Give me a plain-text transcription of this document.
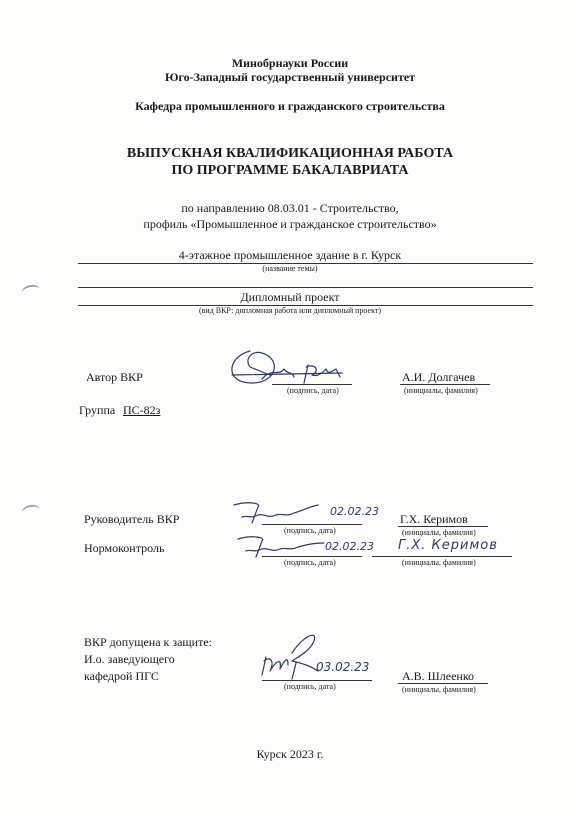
Минобрнауки России
Юго-Западный государственный университет
Кафедра промышленного и гражданского строительства
ВЫПУСКНАЯ КВАЛИФИКАЦИОННАЯ РАБОТА
ПО ПРОГРАММЕ БАКАЛАВРИАТА
по направлению 08.03.01 - Строительство,
профиль «Промышленное и гражданское строительство»
4-этажное промышленное здание в г. Курск
(название темы)
Дипломный проект
(вид ВКР: дипломная работа или дипломный проект)
Автор ВКР
(подпись, дата)
А.И. Долгачев
(инициалы, фамилия)
Группа ПС-82з
Руководитель ВКР
02.02.23
(подпись, дата)
Г.Х. Керимов
(инициалы, фамилия)
Нормоконтроль	02.02.23
(подпись, дата)
Г.Х. Керимов
(инициалы, фамилия)
ВКР допущена к защите:
И.о. заведующего
кафедрой ПГС
03.02.23
(подпись, дата)
А.В. Шлеенко
(инициалы, фамилия)
Курск 2023 г.
